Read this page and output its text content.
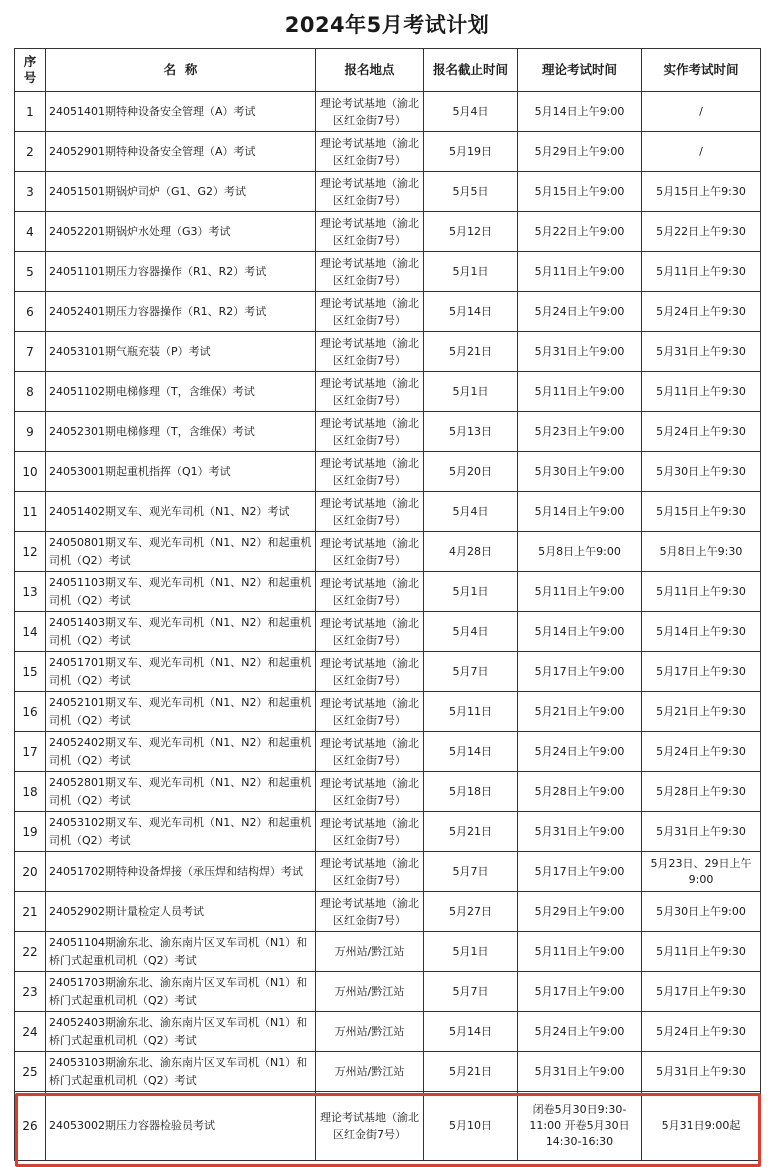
2024年5月考试计划
序号	名  称	报名地点	报名截止时间	理论考试时间	实作考试时间
1	24051401期特种设备安全管理（A）考试	理论考试基地（渝北区红金街7号）	5月4日	5月14日上午9:00	/
2	24052901期特种设备安全管理（A）考试	理论考试基地（渝北区红金街7号）	5月19日	5月29日上午9:00	/
3	24051501期锅炉司炉（G1、G2）考试	理论考试基地（渝北区红金街7号）	5月5日	5月15日上午9:00	5月15日上午9:30
4	24052201期锅炉水处理（G3）考试	理论考试基地（渝北区红金街7号）	5月12日	5月22日上午9:00	5月22日上午9:30
5	24051101期压力容器操作（R1、R2）考试	理论考试基地（渝北区红金街7号）	5月1日	5月11日上午9:00	5月11日上午9:30
6	24052401期压力容器操作（R1、R2）考试	理论考试基地（渝北区红金街7号）	5月14日	5月24日上午9:00	5月24日上午9:30
7	24053101期气瓶充装（P）考试	理论考试基地（渝北区红金街7号）	5月21日	5月31日上午9:00	5月31日上午9:30
8	24051102期电梯修理（T，含维保）考试	理论考试基地（渝北区红金街7号）	5月1日	5月11日上午9:00	5月11日上午9:30
9	24052301期电梯修理（T，含维保）考试	理论考试基地（渝北区红金街7号）	5月13日	5月23日上午9:00	5月24日上午9:30
10	24053001期起重机指挥（Q1）考试	理论考试基地（渝北区红金街7号）	5月20日	5月30日上午9:00	5月30日上午9:30
11	24051402期叉车、观光车司机（N1、N2）考试	理论考试基地（渝北区红金街7号）	5月4日	5月14日上午9:00	5月15日上午9:30
12	24050801期叉车、观光车司机（N1、N2）和起重机司机（Q2）考试	理论考试基地（渝北区红金街7号）	4月28日	5月8日上午9:00	5月8日上午9:30
13	24051103期叉车、观光车司机（N1、N2）和起重机司机（Q2）考试	理论考试基地（渝北区红金街7号）	5月1日	5月11日上午9:00	5月11日上午9:30
14	24051403期叉车、观光车司机（N1、N2）和起重机司机（Q2）考试	理论考试基地（渝北区红金街7号）	5月4日	5月14日上午9:00	5月14日上午9:30
15	24051701期叉车、观光车司机（N1、N2）和起重机司机（Q2）考试	理论考试基地（渝北区红金街7号）	5月7日	5月17日上午9:00	5月17日上午9:30
16	24052101期叉车、观光车司机（N1、N2）和起重机司机（Q2）考试	理论考试基地（渝北区红金街7号）	5月11日	5月21日上午9:00	5月21日上午9:30
17	24052402期叉车、观光车司机（N1、N2）和起重机司机（Q2）考试	理论考试基地（渝北区红金街7号）	5月14日	5月24日上午9:00	5月24日上午9:30
18	24052801期叉车、观光车司机（N1、N2）和起重机司机（Q2）考试	理论考试基地（渝北区红金街7号）	5月18日	5月28日上午9:00	5月28日上午9:30
19	24053102期叉车、观光车司机（N1、N2）和起重机司机（Q2）考试	理论考试基地（渝北区红金街7号）	5月21日	5月31日上午9:00	5月31日上午9:30
20	24051702期特种设备焊接（承压焊和结构焊）考试	理论考试基地（渝北区红金街7号）	5月7日	5月17日上午9:00	5月23日、29日上午9:00
21	24052902期计量检定人员考试	理论考试基地（渝北区红金街7号）	5月27日	5月29日上午9:00	5月30日上午9:00
22	24051104期渝东北、渝东南片区叉车司机（N1）和桥门式起重机司机（Q2）考试	万州站/黔江站	5月1日	5月11日上午9:00	5月11日上午9:30
23	24051703期渝东北、渝东南片区叉车司机（N1）和桥门式起重机司机（Q2）考试	万州站/黔江站	5月7日	5月17日上午9:00	5月17日上午9:30
24	24052403期渝东北、渝东南片区叉车司机（N1）和桥门式起重机司机（Q2）考试	万州站/黔江站	5月14日	5月24日上午9:00	5月24日上午9:30
25	24053103期渝东北、渝东南片区叉车司机（N1）和桥门式起重机司机（Q2）考试	万州站/黔江站	5月21日	5月31日上午9:00	5月31日上午9:30
26	24053002期压力容器检验员考试	理论考试基地（渝北区红金街7号）	5月10日	闭卷5月30日9:30-11:00 开卷5月30日14:30-16:30	5月31日9:00起
